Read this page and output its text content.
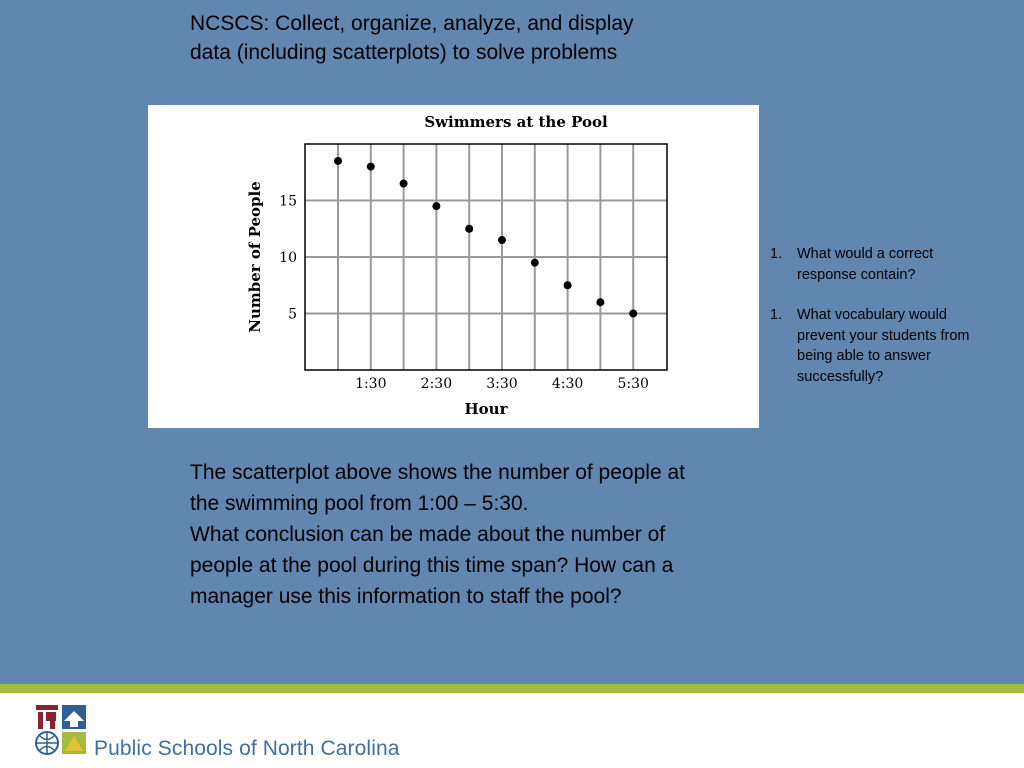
NCSCS: Collect, organize, analyze, and display data (including scatterplots) to solve problems
Swimmers at the Pool
1:30 2:30 3:30 4:30 5:30
5
10
15
Hour
Number of People

The scatterplot above shows the number of people at the swimming pool from 1:00 – 5:30.

What conclusion can be made about the number of people at the pool during this time span? How can a manager use this information to staff the pool?

1. What would a correct response contain?
1. What vocabulary would prevent your students from being able to answer successfully?
Public Schools of North Carolina
